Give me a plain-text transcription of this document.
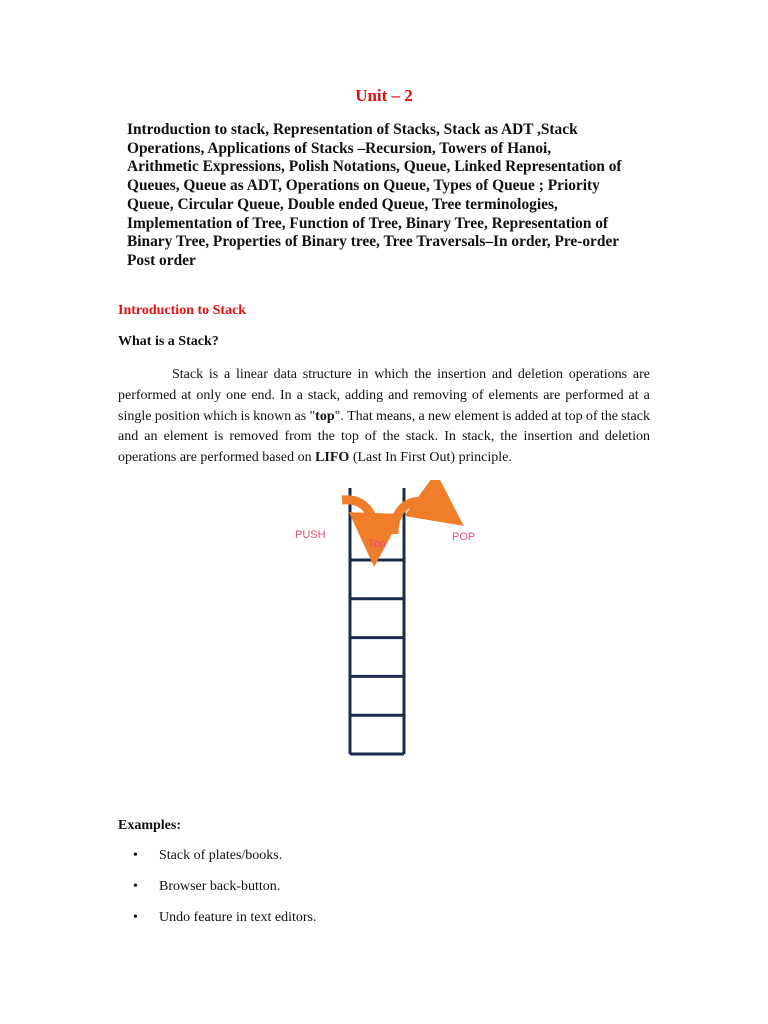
Unit – 2
Introduction to stack, Representation of Stacks, Stack as ADT ,Stack
Operations, Applications of Stacks –Recursion, Towers of Hanoi,
Arithmetic Expressions, Polish Notations, Queue, Linked Representation of
Queues, Queue as ADT, Operations on Queue, Types of Queue ; Priority
Queue, Circular Queue, Double ended Queue, Tree terminologies,
Implementation of Tree, Function of Tree, Binary Tree, Representation of
Binary Tree, Properties of Binary tree, Tree Traversals–In order, Pre-order
Post order
Introduction to Stack
What is a Stack?
Stack is a linear data structure in which the insertion and deletion operations are
performed at only one end. In a stack, adding and removing of elements are performed at a
single position which is known as "top". That means, a new element is added at top of the stack
and an element is removed from the top of the stack. In stack, the insertion and deletion
operations are performed based on LIFO (Last In First Out) principle.
PUSH
Top
POP
Examples:
•	Stack of plates/books.
•	Browser back-button.
•	Undo feature in text editors.
